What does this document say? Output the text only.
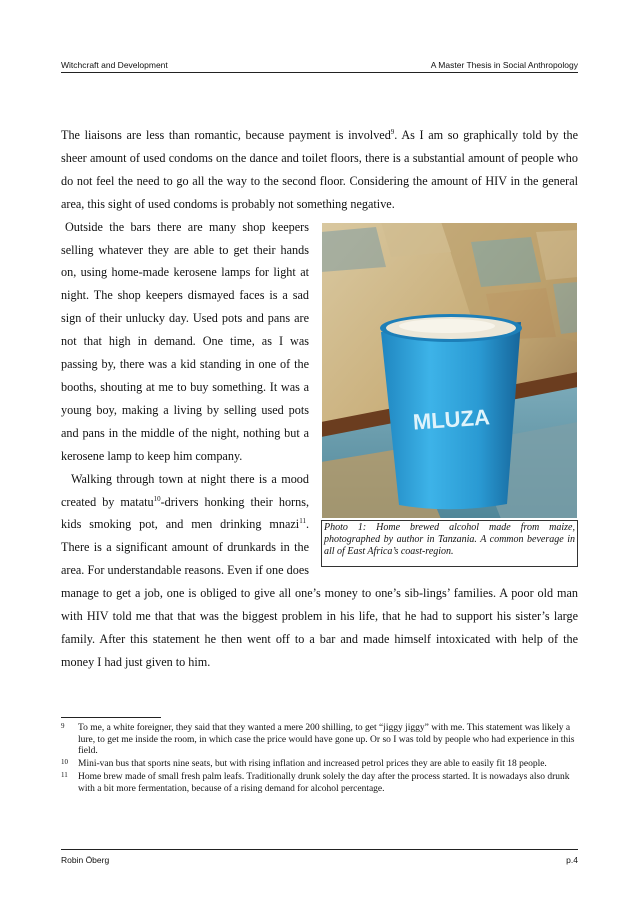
Witchcraft and Development	A Master Thesis in Social Anthropology

The liaisons are less than romantic, because payment is involved$^9$. As I am so graphically told by the sheer amount of used condoms on the dance and toilet floors, there is a substantial amount of people who do not feel the need to go all the way to the second floor. Considering the amount of HIV in the general area, this sight of used condoms is probably not something negative.

MLUZA
Photo 1: Home brewed alcohol made from maize, photographed by author in Tanzania. A common beverage in all of East Africa’s coast-region.

Outside the bars there are many shop keepers selling whatever they are able to get their hands on, using home-made kerosene lamps for light at night. The shop keepers dismayed faces is a sad sign of their unlucky day. Used pots and pans are not that high in demand. One time, as I was passing by, there was a kid standing in one of the booths, shouting at me to buy something. It was a young boy, making a living by selling used pots and pans in the middle of the night, nothing but a kerosene lamp to keep him company.

Walking through town at night there is a mood created by matatu$^{10}$-drivers honking their horns, kids smoking pot, and men drinking mnazi$^{11}$. There is a significant amount of drunkards in the area. For understandable reasons. Even if one does manage to get a job, one is obliged to give all one’s money to one’s sib-lings’ families. A poor old man with HIV told me that that was the biggest problem in his life, that he had to support his sister’s large family. After this statement he then went off to a bar and made himself intoxicated with help of the money I had just given to him.

9 To me, a white foreigner, they said that they wanted a mere 200 shilling, to get “jiggy jiggy” with me. This statement was likely a lure, to get me inside the room, in which case the price would have gone up. Or so I was told by people who had experience in this field.
10 Mini-van bus that sports nine seats, but with rising inflation and increased petrol prices they are able to easily fit 18 people.
11 Home brew made of small fresh palm leafs. Traditionally drunk solely the day after the process started. It is nowadays also drunk with a bit more fermentation, because of a rising demand for alcohol percentage.
Robin Öberg	p.4
